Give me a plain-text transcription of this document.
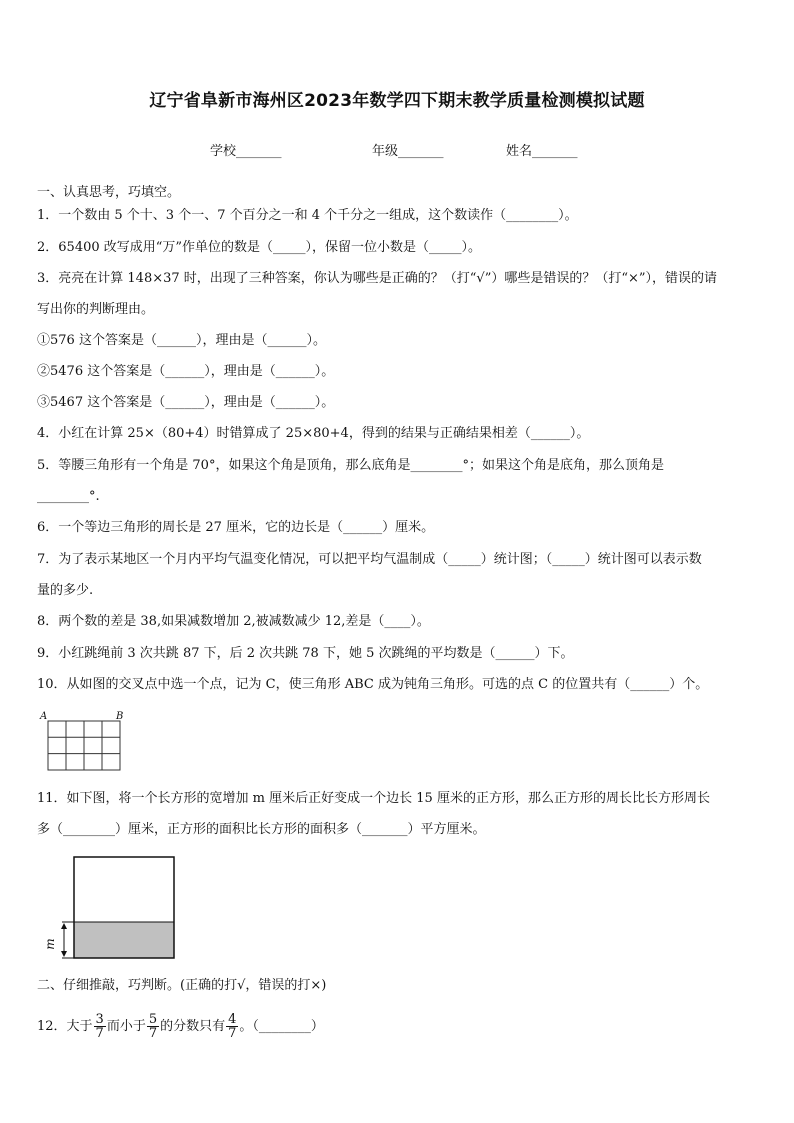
辽宁省阜新市海州区2023年数学四下期末教学质量检测模拟试题
学校_______	年级_______	姓名_______
一、认真思考，巧填空。
1．一个数由 5 个十、3 个一、7 个百分之一和 4 个千分之一组成，这个数读作（________）。
2．65400 改写成用“万”作单位的数是（_____），保留一位小数是（_____）。
3．亮亮在计算 148×37 时，出现了三种答案，你认为哪些是正确的？（打“√”）哪些是错误的？（打“×”），错误的请
写出你的判断理由。
①576 这个答案是（______），理由是（______）。
②5476 这个答案是（______），理由是（______）。
③5467 这个答案是（______），理由是（______）。
4．小红在计算 25×（80+4）时错算成了 25×80+4，得到的结果与正确结果相差（______）。
5．等腰三角形有一个角是 70°，如果这个角是顶角，那么底角是________°；如果这个角是底角，那么顶角是
________°.
6．一个等边三角形的周长是 27 厘米，它的边长是（______）厘米。
7．为了表示某地区一个月内平均气温变化情况，可以把平均气温制成（_____）统计图；（_____）统计图可以表示数
量的多少.
8．两个数的差是 38,如果减数增加 2,被减数减少 12,差是（____）。
9．小红跳绳前 3 次共跳 87 下，后 2 次共跳 78 下，她 5 次跳绳的平均数是（______）下。
10．从如图的交叉点中选一个点，记为 C，使三角形 ABC 成为钝角三角形。可选的点 C 的位置共有（______）个。
A	B
11．如下图，将一个长方形的宽增加 m 厘米后正好变成一个边长 15 厘米的正方形，那么正方形的周长比长方形周长
多（________）厘米，正方形的面积比长方形的面积多（_______）平方厘米。
m
二、仔细推敲，巧判断。(正确的打√，错误的打×)
12．大于 $\frac{3}{7}$ 而小于 $\frac{5}{7}$ 的分数只有 $\frac{4}{7}$ 。（________）
